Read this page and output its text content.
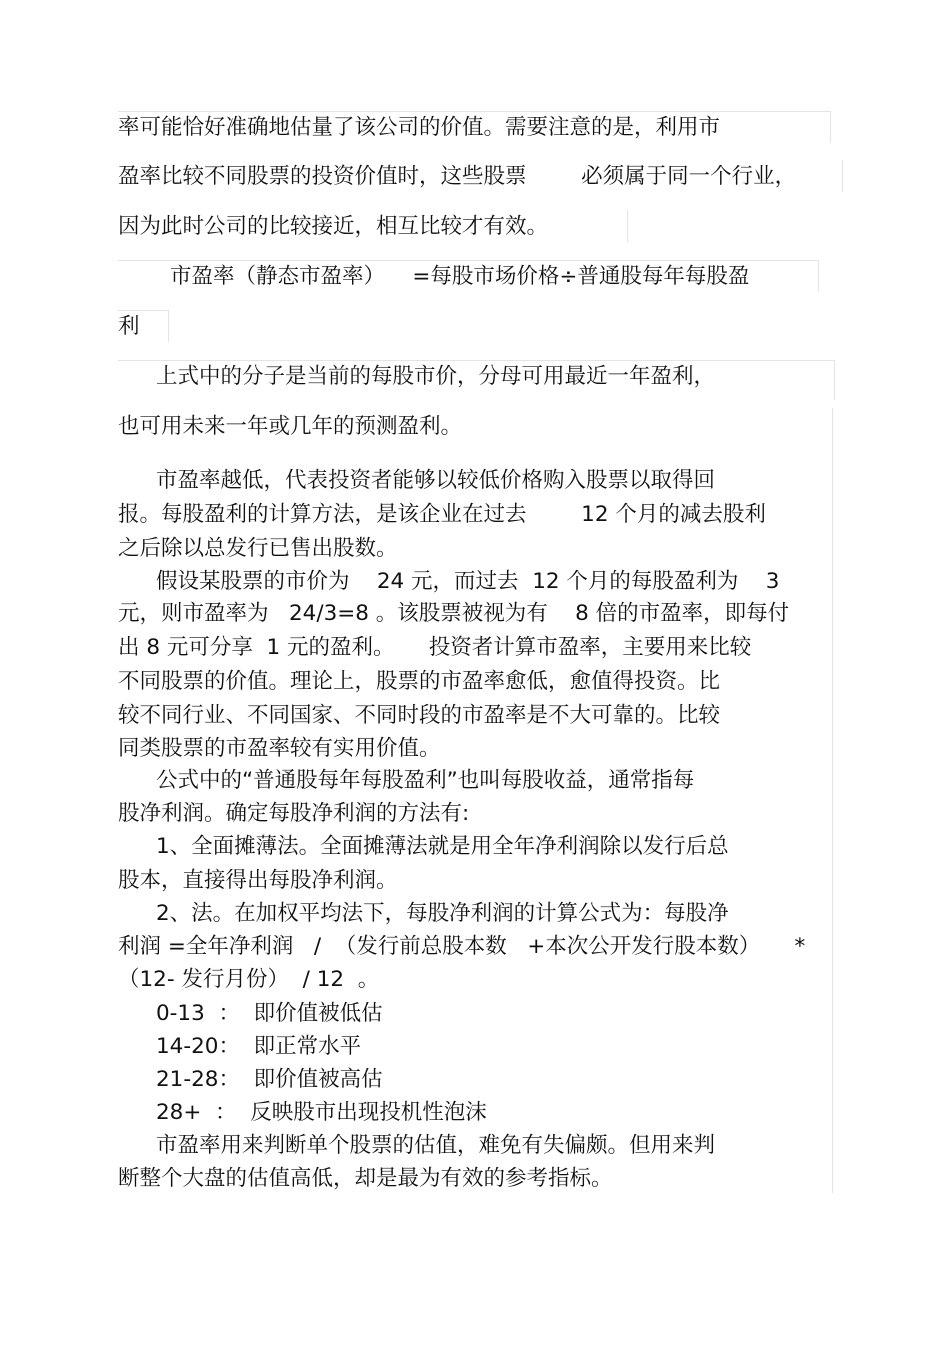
率可能恰好准确地估量了该公司的价值。需要注意的是，利用市

盈率比较不同股票的投资价值时，这些股票        必须属于同一个行业，

因为此时公司的比较接近，相互比较才有效。

市盈率（静态市盈率）    =每股市场价格÷普通股每年每股盈

利

上式中的分子是当前的每股市价，分母可用最近一年盈利，

也可用未来一年或几年的预测盈利。

市盈率越低，代表投资者能够以较低价格购入股票以取得回

报。每股盈利的计算方法，是该企业在过去        12 个月的减去股利

之后除以总发行已售出股数。

假设某股票的市价为    24 元，而过去  12 个月的每股盈利为    3

元，则市盈率为   24/3=8 。该股票被视为有    8 倍的市盈率，即每付

出 8 元可分享  1 元的盈利。     投资者计算市盈率，主要用来比较

不同股票的价值。理论上，股票的市盈率愈低，愈值得投资。比

较不同行业、不同国家、不同时段的市盈率是不大可靠的。比较

同类股票的市盈率较有实用价值。

公式中的“普通股每年每股盈利”也叫每股收益，通常指每

股净利润。确定每股净利润的方法有:

1、全面摊薄法。全面摊薄法就是用全年净利润除以发行后总

股本，直接得出每股净利润。

2、法。在加权平均法下，每股净利润的计算公式为：每股净

利润 =全年净利润   /  （发行前总股本数   +本次公开发行股本数）     *

（12- 发行月份）  / 12  。

0-13  ：  即价值被低估

14-20：  即正常水平

21-28：  即价值被高估

28+  ：  反映股市出现投机性泡沫

市盈率用来判断单个股票的估值，难免有失偏颇。但用来判

断整个大盘的估值高低，却是最为有效的参考指标。
